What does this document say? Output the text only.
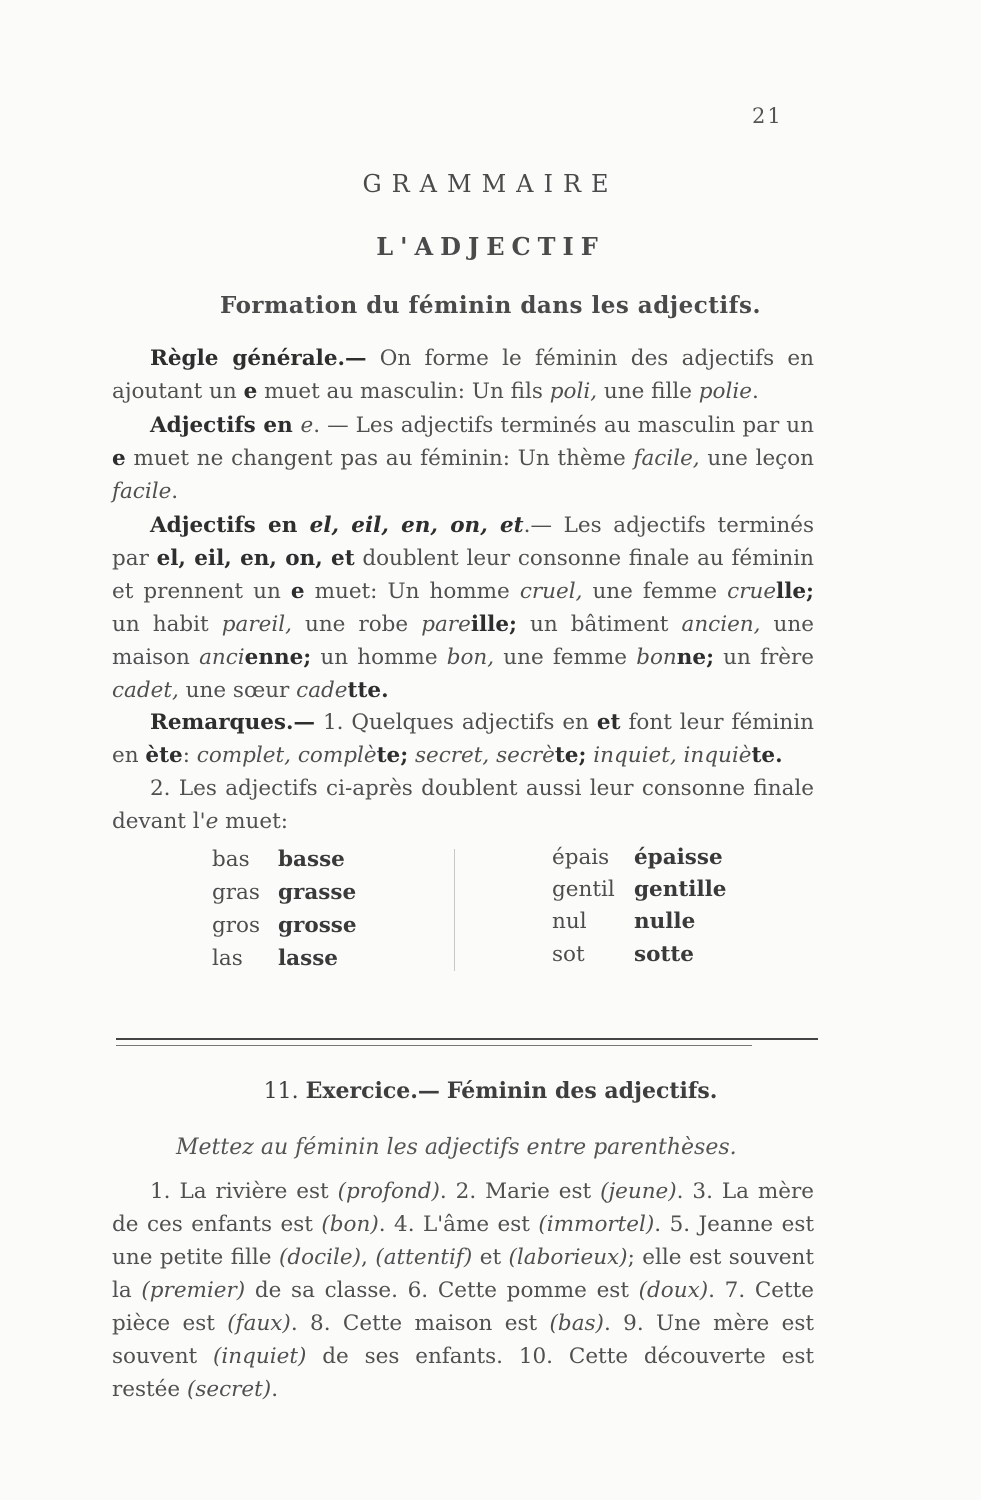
21
GRAMMAIRE
L'ADJECTIF
Formation du féminin dans les adjectifs.
Règle générale.— On forme le féminin des adjectifs en ajoutant un e muet au masculin: Un fils poli, une fille polie.
Adjectifs en e. — Les adjectifs terminés au masculin par un e muet ne changent pas au féminin: Un thème facile, une leçon facile.
Adjectifs en el, eil, en, on, et.— Les adjectifs terminés par el, eil, en, on, et doublent leur consonne finale au féminin et prennent un e muet: Un homme cruel, une femme cruelle; un habit pareil, une robe pareille; un bâtiment ancien, une maison ancienne; un homme bon, une femme bonne; un frère cadet, une sœur cadette.
Remarques.— 1. Quelques adjectifs en et font leur féminin en ète: complet, complète; secret, secrète; inquiet, inquiète.
2. Les adjectifs ci-après doublent aussi leur consonne finale devant l'e muet:
bas basse
gras grasse
gros grosse
las lasse
épais épaisse
gentil gentille
nul nulle
sot sotte
11. Exercice.— Féminin des adjectifs.
Mettez au féminin les adjectifs entre parenthèses.
1. La rivière est (profond). 2. Marie est (jeune). 3. La mère de ces enfants est (bon). 4. L'âme est (immortel). 5. Jeanne est une petite fille (docile), (attentif) et (laborieux); elle est souvent la (premier) de sa classe. 6. Cette pomme est (doux). 7. Cette pièce est (faux). 8. Cette maison est (bas). 9. Une mère est souvent (inquiet) de ses enfants. 10. Cette découverte est restée (secret).
